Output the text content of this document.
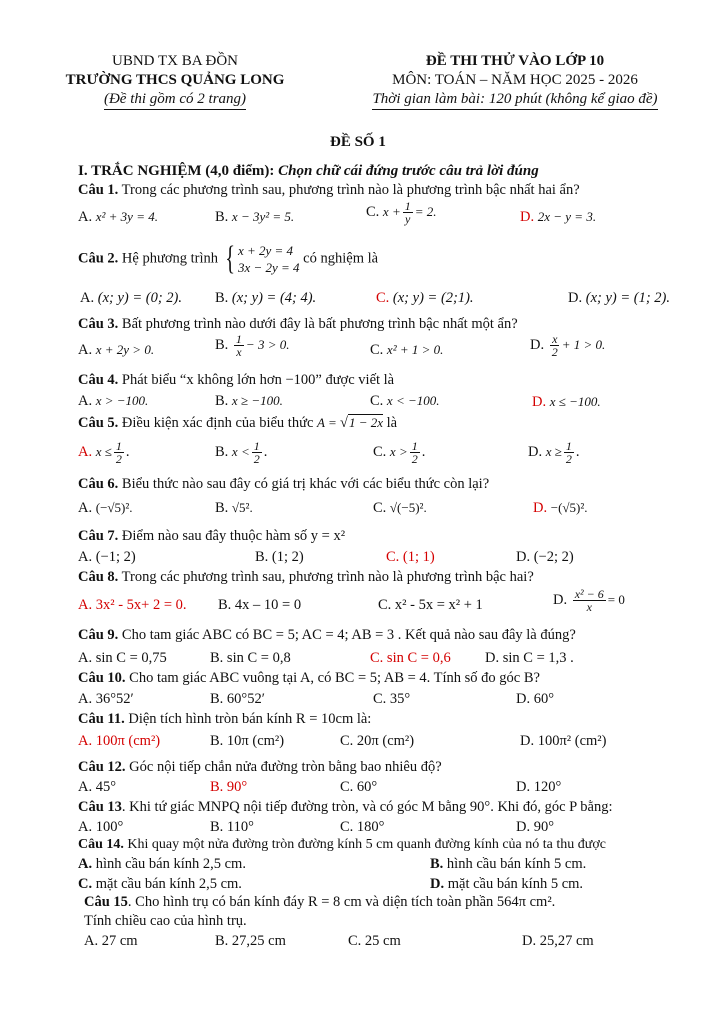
UBND TX BA ĐỒN
TRƯỜNG THCS QUẢNG LONG
(Đề thi gồm có 2 trang)
ĐỀ THI THỬ VÀO LỚP 10
MÔN: TOÁN – NĂM HỌC 2025 - 2026
Thời gian làm bài: 120 phút (không kể giao đề)
ĐỀ SỐ 1
I. TRẮC NGHIỆM (4,0 điểm): Chọn chữ cái đứng trước câu trả lời đúng
Câu 1. Trong các phương trình sau, phương trình nào là phương trình bậc nhất hai ẩn?
A. x² + 3y = 4.	B. x − 3y² = 5.	C. $x + \frac{1}{y} = 2$.	D. 2x − y = 3.
Câu 2. Hệ phương trình { x + 2y = 4
3x − 2y = 4
có nghiệm là
A. (x; y) = (0; 2). B. (x; y) = (4; 4).	C. (x; y) = (2;1).	D. (x; y) = (1; 2).
Câu 3. Bất phương trình nào dưới đây là bất phương trình bậc nhất một ẩn?
A. x + 2y > 0.	B. $\frac{1}{x} - 3 > 0$.	C. x² + 1 > 0.	D. $\frac{x}{2} + 1 > 0$.
Câu 4. Phát biểu “x không lớn hơn −100” được viết là
A. x > −100.	B. x ≥ −100.	C. x < −100.	D. x ≤ −100.
Câu 5. Điều kiện xác định của biểu thức A = √1 − 2x là
A. $x \le \frac{1}{2}$ .	B. $x < \frac{1}{2}$ .	C. $x > \frac{1}{2}$ .	D. $x \ge \frac{1}{2}$ .
Câu 6. Biểu thức nào sau đây có giá trị khác với các biểu thức còn lại?
A. (−√5)².	B. √5².	C. √(−5)².	D. −(√5)².
Câu 7. Điểm nào sau đây thuộc hàm số y = x²
A. (−1; 2)	B. (1; 2)	C. (1; 1)	D. (−2; 2)
Câu 8. Trong các phương trình sau, phương trình nào là phương trình bậc hai?
A. 3x² - 5x+ 2 = 0. B. 4x – 10 = 0	C. x² - 5x = x² + 1	D. $\frac{\text{x² − 6}}{x} = 0$
Câu 9. Cho tam giác ABC có BC = 5; AC = 4; AB = 3 . Kết quả nào sau đây là đúng?
A. sin C = 0,75	B. sin C = 0,8	C. sin C = 0,6 D. sin C = 1,3 .
Câu 10. Cho tam giác ABC vuông tại A, có BC = 5; AB = 4. Tính số đo góc B?
A. 36°52′	B. 60°52′	C. 35°	D. 60°
Câu 11. Diện tích hình tròn bán kính R = 10cm là:
A. 100π (cm²)	B. 10π (cm²)	C. 20π (cm²)	D. 100π² (cm²)
Câu 12. Góc nội tiếp chắn nửa đường tròn bằng bao nhiêu độ?
A. 45°	B. 90°	C. 60°	D. 120°
Câu 13. Khi tứ giác MNPQ nội tiếp đường tròn, và có góc M bằng 90°. Khi đó, góc P bằng:
A. 100°	B. 110°	C. 180°	D. 90°
Câu 14. Khi quay một nửa đường tròn đường kính 5 cm quanh đường kính của nó ta thu được
A. hình cầu bán kính 2,5 cm.	B. hình cầu bán kính 5 cm.
C. mặt cầu bán kính 2,5 cm.	D. mặt cầu bán kính 5 cm.
Câu 15. Cho hình trụ có bán kính đáy R = 8 cm và diện tích toàn phần 564π cm².
Tính chiều cao của hình trụ.
A. 27 cm	B. 27,25 cm	C. 25 cm	D. 25,27 cm
